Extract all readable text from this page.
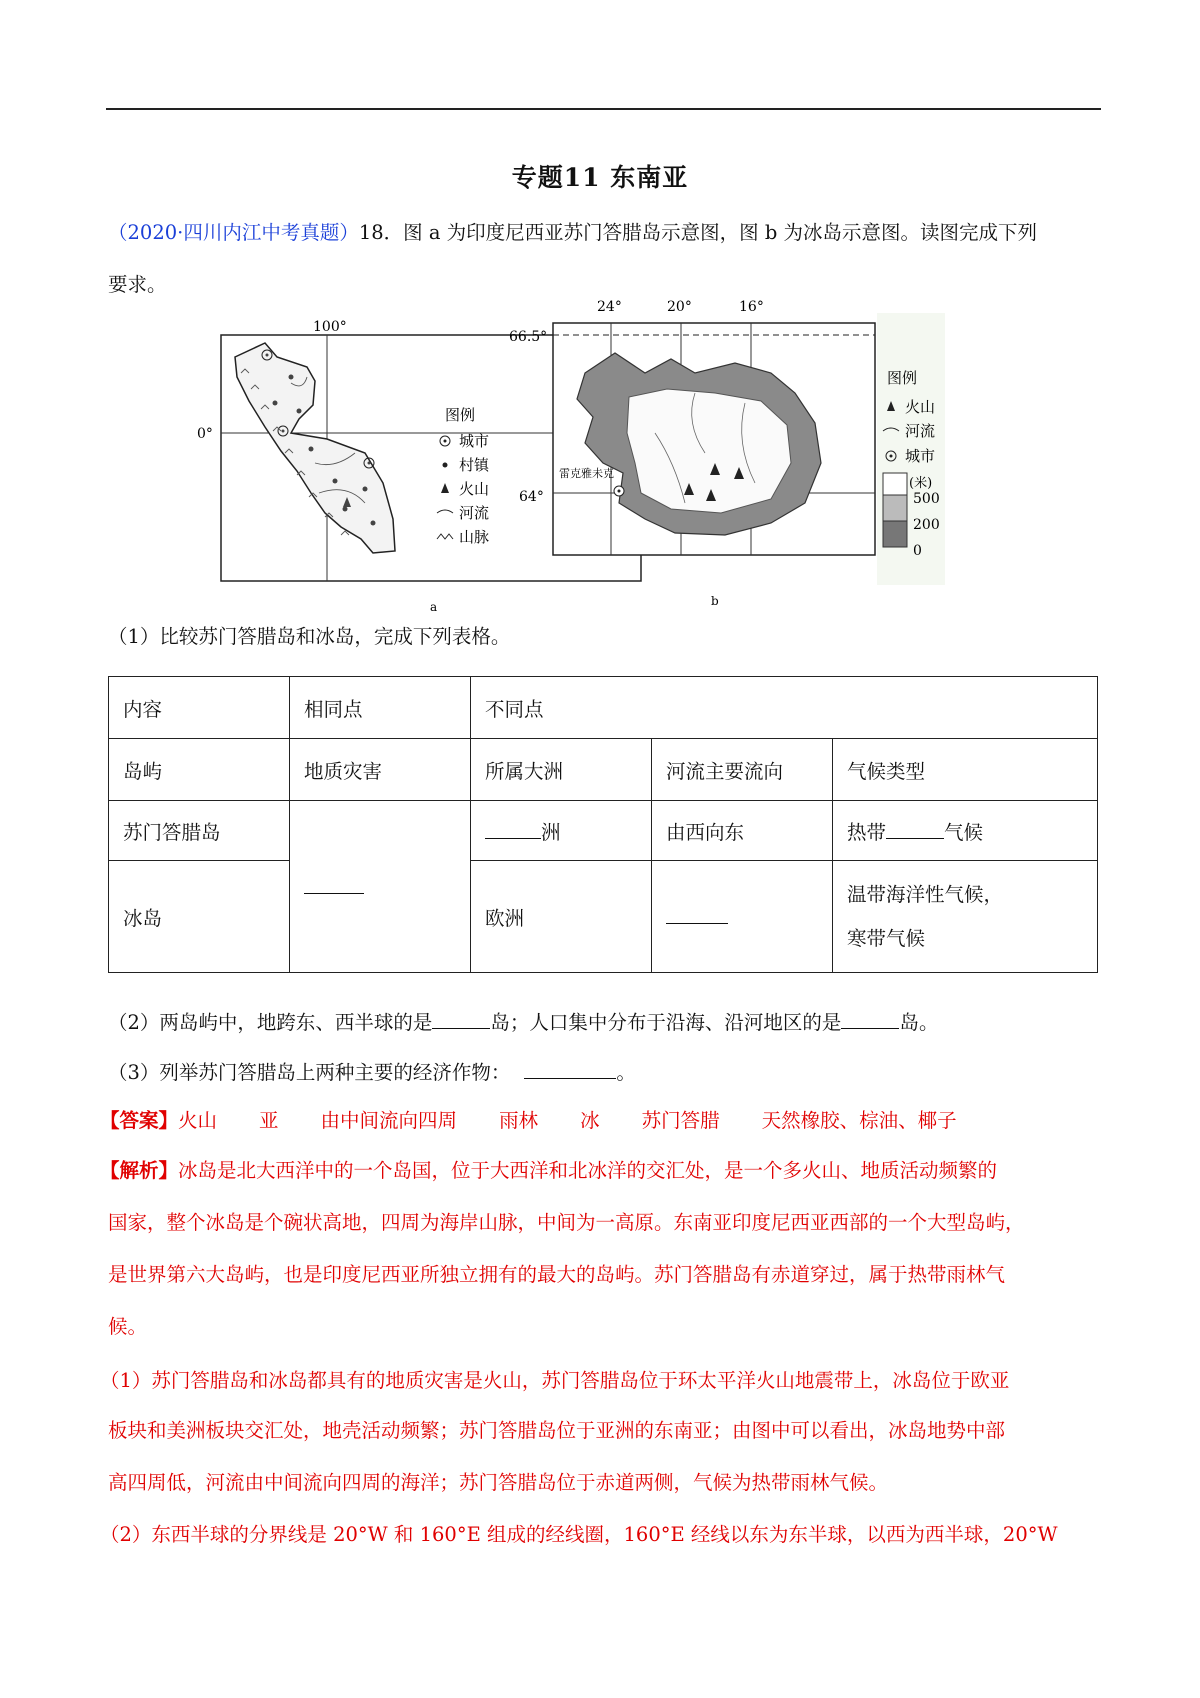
专题11 东南亚
（2020·四川内江中考真题）18．图 a 为印度尼西亚苏门答腊岛示意图，图 b 为冰岛示意图。读图完成下列
要求。
100°
0°
a
图例
城市
村镇
火山
河流
山脉
24°	20°	16°
66.5°
64°
雷克雅未克
b
图例
火山
河流
城市
(米)
500
200
0
（1）比较苏门答腊岛和冰岛，完成下列表格。
内容	相同点	不同点		
岛屿	地质灾害	所属大洲	河流主要流向	气候类型
苏门答腊岛		洲	由西向东	热带 气候
冰岛		欧洲		温带海洋性气候，
寒带气候
（2）两岛屿中，地跨东、西半球的是	岛；人口集中分布于沿海、沿河地区的是	岛。
（3）列举苏门答腊岛上两种主要的经济作物：	。
【答案】火山 亚 由中间流向四周 雨林 冰 苏门答腊 天然橡胶、棕油、椰子
【解析】冰岛是北大西洋中的一个岛国，位于大西洋和北冰洋的交汇处，是一个多火山、地质活动频繁的
国家，整个冰岛是个碗状高地，四周为海岸山脉，中间为一高原。东南亚印度尼西亚西部的一个大型岛屿，
是世界第六大岛屿，也是印度尼西亚所独立拥有的最大的岛屿。苏门答腊岛有赤道穿过，属于热带雨林气
候。
（1）苏门答腊岛和冰岛都具有的地质灾害是火山，苏门答腊岛位于环太平洋火山地震带上，冰岛位于欧亚
板块和美洲板块交汇处，地壳活动频繁；苏门答腊岛位于亚洲的东南亚；由图中可以看出，冰岛地势中部
高四周低，河流由中间流向四周的海洋；苏门答腊岛位于赤道两侧，气候为热带雨林气候。
（2）东西半球的分界线是 20°W 和 160°E 组成的经线圈，160°E 经线以东为东半球，以西为西半球，20°W
